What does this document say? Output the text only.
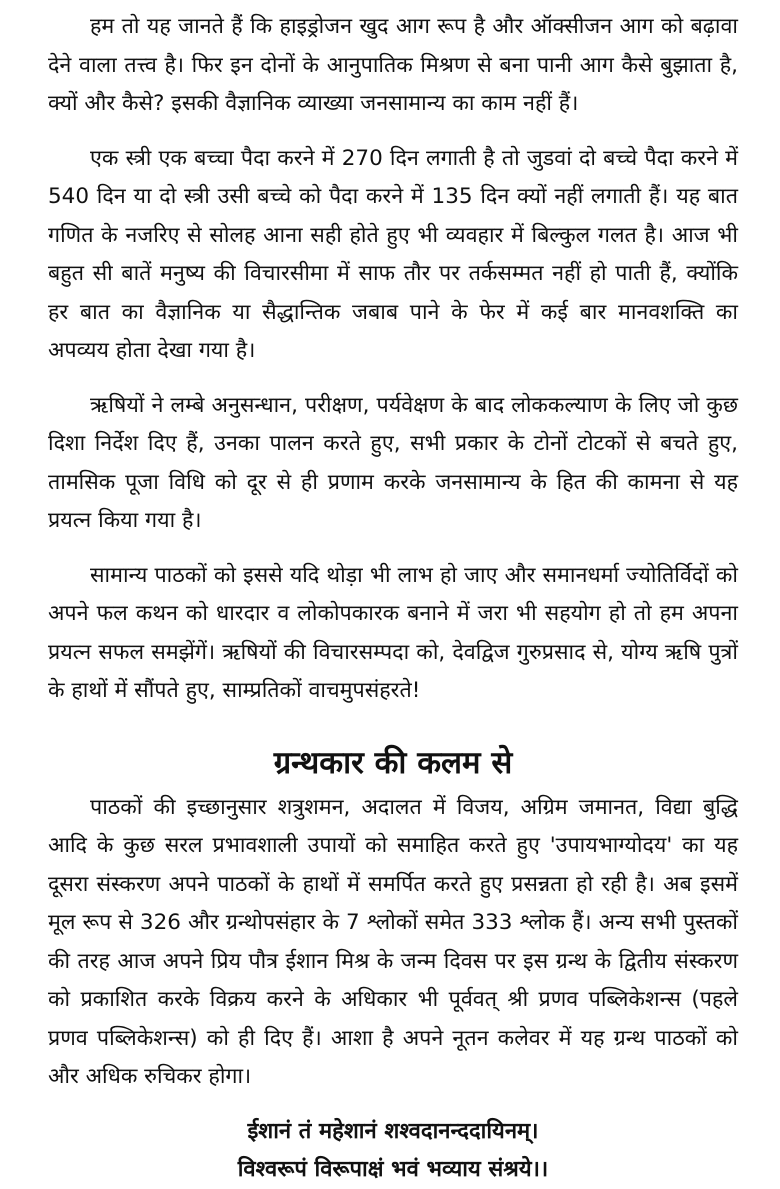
हम तो यह जानते हैं कि हाइड्रोजन खुद आग रूप है और ऑक्सीजन आग को बढ़ावा देने वाला तत्त्व है। फिर इन दोनों के आनुपातिक मिश्रण से बना पानी आग कैसे बुझाता है, क्यों और कैसे? इसकी वैज्ञानिक व्याख्या जनसामान्य का काम नहीं हैं।

एक स्त्री एक बच्चा पैदा करने में 270 दिन लगाती है तो जुडवां दो बच्चे पैदा करने में 540 दिन या दो स्त्री उसी बच्चे को पैदा करने में 135 दिन क्यों नहीं लगाती हैं। यह बात गणित के नजरिए से सोलह आना सही होते हुए भी व्यवहार में बिल्कुल गलत है। आज भी बहुत सी बातें मनुष्य की विचारसीमा में साफ तौर पर तर्कसम्मत नहीं हो पाती हैं, क्योंकि हर बात का वैज्ञानिक या सैद्धान्तिक जबाब पाने के फेर में कई बार मानवशक्ति का अपव्यय होता देखा गया है।

ऋषियों ने लम्बे अनुसन्धान, परीक्षण, पर्यवेक्षण के बाद लोककल्याण के लिए जो कुछ दिशा निर्देश दिए हैं, उनका पालन करते हुए, सभी प्रकार के टोनों टोटकों से बचते हुए, तामसिक पूजा विधि को दूर से ही प्रणाम करके जनसामान्य के हित की कामना से यह प्रयत्न किया गया है।

सामान्य पाठकों को इससे यदि थोड़ा भी लाभ हो जाए और समानधर्मा ज्योतिर्विदों को अपने फल कथन को धारदार व लोकोपकारक बनाने में जरा भी सहयोग हो तो हम अपना प्रयत्न सफल समझेंगें। ऋषियों की विचारसम्पदा को, देवद्विज गुरुप्रसाद से, योग्य ऋषि पुत्रों के हाथों में सौंपते हुए, साम्प्रतिकों वाचमुपसंहरते!

ग्रन्थकार की कलम से

पाठकों की इच्छानुसार शत्रुशमन, अदालत में विजय, अग्रिम जमानत, विद्या बुद्धि आदि के कुछ सरल प्रभावशाली उपायों को समाहित करते हुए 'उपायभाग्योदय' का यह दूसरा संस्करण अपने पाठकों के हाथों में समर्पित करते हुए प्रसन्नता हो रही है। अब इसमें मूल रूप से 326 और ग्रन्थोपसंहार के 7 श्लोकों समेत 333 श्लोक हैं। अन्य सभी पुस्तकों की तरह आज अपने प्रिय पौत्र ईशान मिश्र के जन्म दिवस पर इस ग्रन्थ के द्वितीय संस्करण को प्रकाशित करके विक्रय करने के अधिकार भी पूर्ववत् श्री प्रणव पब्लिकेशन्स (पहले प्रणव पब्लिकेशन्स) को ही दिए हैं। आशा है अपने नूतन कलेवर में यह ग्रन्थ पाठकों को और अधिक रुचिकर होगा।

ईशानं तं महेशानं शश्वदानन्ददायिनम्।
विश्वरूपं विरूपाक्षं भवं भव्याय संश्रये।।
